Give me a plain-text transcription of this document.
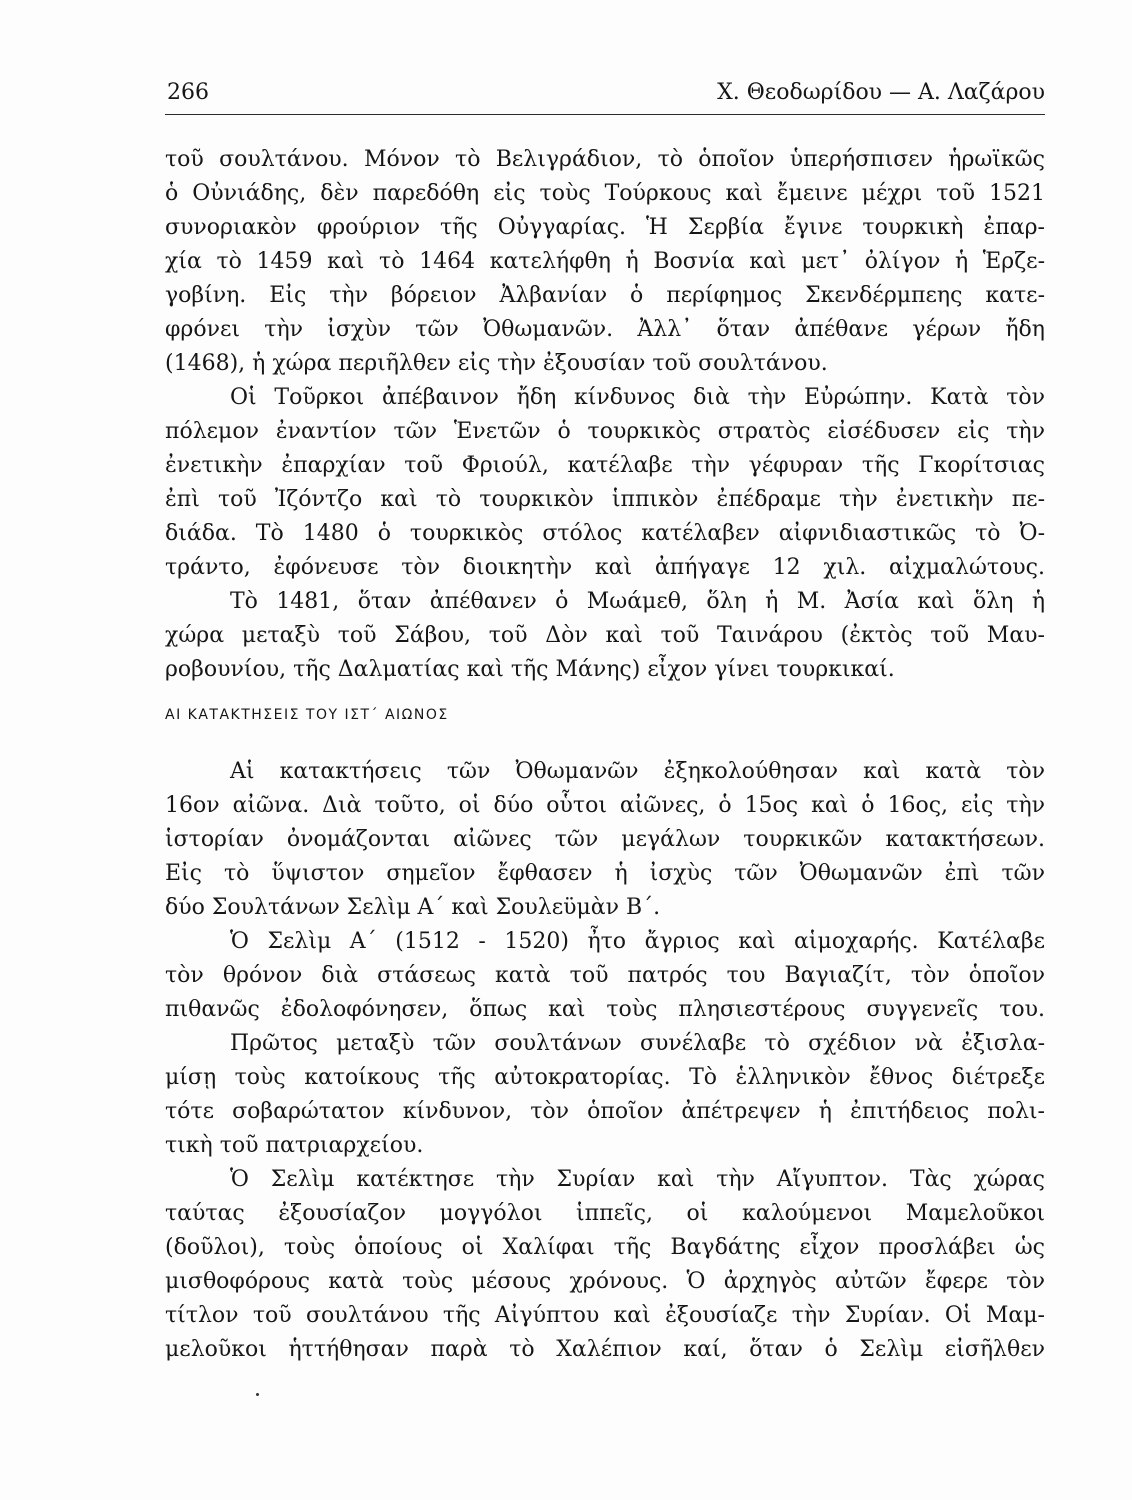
266	Χ. Θεοδωρίδου — Α. Λαζάρου
τοῦ σουλτάνου. Μόνον τὸ Βελιγράδιον, τὸ ὁποῖον ὑπερήσπισεν ἡρωϊκῶς
ὁ Οὐνιάδης, δὲν παρεδόθη εἰς τοὺς Τούρκους καὶ ἔμεινε μέχρι τοῦ 1521
συνοριακὸν φρούριον τῆς Οὐγγαρίας. Ἡ Σερβία ἔγινε τουρκικὴ ἐπαρ-
χία τὸ 1459 καὶ τὸ 1464 κατελήφθη ἡ Βοσνία καὶ μετ᾽ ὀλίγον ἡ Ἑρζε-
γοβίνη. Εἰς τὴν βόρειον Ἀλβανίαν ὁ περίφημος Σκενδέρμπεης κατε-
φρόνει τὴν ἰσχὺν τῶν Ὀθωμανῶν. Ἀλλ᾽ ὅταν ἀπέθανε γέρων ἤδη
(1468), ἡ χώρα περιῆλθεν εἰς τὴν ἐξουσίαν τοῦ σουλτάνου.
Οἱ Τοῦρκοι ἀπέβαινον ἤδη κίνδυνος διὰ τὴν Εὐρώπην. Κατὰ τὸν
πόλεμον ἐναντίον τῶν Ἑνετῶν ὁ τουρκικὸς στρατὸς εἰσέδυσεν εἰς τὴν
ἐνετικὴν ἐπαρχίαν τοῦ Φριούλ, κατέλαβε τὴν γέφυραν τῆς Γκορίτσιας
ἐπὶ τοῦ Ἰζόντζο καὶ τὸ τουρκικὸν ἱππικὸν ἐπέδραμε τὴν ἐνετικὴν πε-
διάδα. Τὸ 1480 ὁ τουρκικὸς στόλος κατέλαβεν αἰφνιδιαστικῶς τὸ Ὀ-
τράντο, ἐφόνευσε τὸν διοικητὴν καὶ ἀπήγαγε 12 χιλ. αἰχμαλώτους.
Τὸ 1481, ὅταν ἀπέθανεν ὁ Μωάμεθ, ὅλη ἡ Μ. Ἀσία καὶ ὅλη ἡ
χώρα μεταξὺ τοῦ Σάβου, τοῦ Δὸν καὶ τοῦ Ταινάρου (ἐκτὸς τοῦ Μαυ-
ροβουνίου, τῆς Δαλματίας καὶ τῆς Μάνης) εἶχον γίνει τουρκικαί.
ΑΙ ΚΑΤΑΚΤΗΣΕΙΣ ΤΟΥ ΙΣΤ΄ ΑΙΩΝΟΣ
Αἱ κατακτήσεις τῶν Ὀθωμανῶν ἐξηκολούθησαν καὶ κατὰ τὸν
16ον αἰῶνα. Διὰ τοῦτο, οἱ δύο οὗτοι αἰῶνες, ὁ 15ος καὶ ὁ 16ος, εἰς τὴν
ἱστορίαν ὀνομάζονται αἰῶνες τῶν μεγάλων τουρκικῶν κατακτήσεων.
Εἰς τὸ ὕψιστον σημεῖον ἔφθασεν ἡ ἰσχὺς τῶν Ὀθωμανῶν ἐπὶ τῶν
δύο Σουλτάνων Σελὶμ Α΄ καὶ Σουλεϋμὰν Β΄.
Ὁ Σελὶμ Α΄ (1512 - 1520) ἦτο ἄγριος καὶ αἱμοχαρής. Κατέλαβε
τὸν θρόνον διὰ στάσεως κατὰ τοῦ πατρός του Βαγιαζίτ, τὸν ὁποῖον
πιθανῶς ἐδολοφόνησεν, ὅπως καὶ τοὺς πλησιεστέρους συγγενεῖς του.
Πρῶτος μεταξὺ τῶν σουλτάνων συνέλαβε τὸ σχέδιον νὰ ἐξισλα-
μίσῃ τοὺς κατοίκους τῆς αὐτοκρατορίας. Τὸ ἑλληνικὸν ἔθνος διέτρεξε
τότε σοβαρώτατον κίνδυνον, τὸν ὁποῖον ἀπέτρεψεν ἡ ἐπιτήδειος πολι-
τικὴ τοῦ πατριαρχείου.
Ὁ Σελὶμ κατέκτησε τὴν Συρίαν καὶ τὴν Αἴγυπτον. Τὰς χώρας
ταύτας ἐξουσίαζον μογγόλοι ἱππεῖς, οἱ καλούμενοι Μαμελοῦκοι
(δοῦλοι), τοὺς ὁποίους οἱ Χαλίφαι τῆς Βαγδάτης εἶχον προσλάβει ὡς
μισθοφόρους κατὰ τοὺς μέσους χρόνους. Ὁ ἀρχηγὸς αὐτῶν ἔφερε τὸν
τίτλον τοῦ σουλτάνου τῆς Αἰγύπτου καὶ ἐξουσίαζε τὴν Συρίαν. Οἱ Μαμ-
μελοῦκοι ἡττήθησαν παρὰ τὸ Χαλέπιον καί, ὅταν ὁ Σελὶμ εἰσῆλθεν
